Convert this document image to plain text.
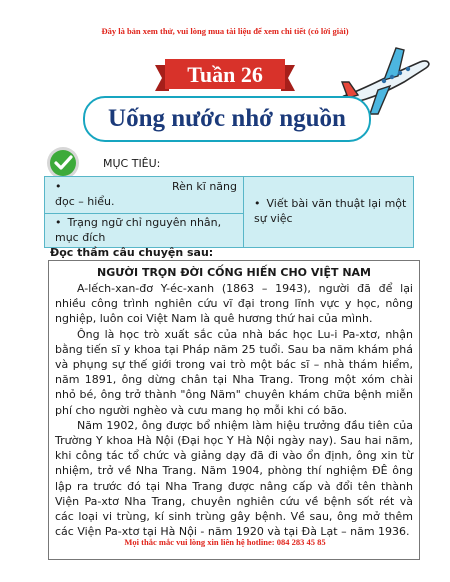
Đây là bản xem thử, vui lòng mua tài liệu để xem chi tiết (có lời giải)
Tuần 26
Uống nước nhớ nguồn
MỤC TIÊU:
•	Rèn kĩ năng
đọc – hiểu.
• Trạng ngữ chỉ nguyên nhân, mục đích
• Viết bài văn thuật lại một sự việc
Đọc thầm câu chuyện sau:
NGƯỜI TRỌN ĐỜI CỐNG HIẾN CHO VIỆT NAM

A-lếch-xan-đơ Y-éc-xanh (1863 – 1943), người đã để lại nhiều công trình nghiên cứu vĩ đại trong lĩnh vực y học, nông nghiệp, luôn coi Việt Nam là quê hương thứ hai của mình.

Ông là học trò xuất sắc của nhà bác học Lu-i Pa-xtơ, nhận bằng tiến sĩ y khoa tại Pháp năm 25 tuổi. Sau ba năm khám phá và phụng sự thế giới trong vai trò một bác sĩ – nhà thám hiểm, năm 1891, ông dừng chân tại Nha Trang. Trong một xóm chài nhỏ bé, ông trở thành "ông Năm" chuyên khám chữa bệnh miễn phí cho người nghèo và cưu mang họ mỗi khi có bão.

Năm 1902, ông được bổ nhiệm làm hiệu trưởng đầu tiên của Trường Y khoa Hà Nội (Đại học Y Hà Nội ngày nay). Sau hai năm, khi công tác tổ chức và giảng dạy đã đi vào ổn định, ông xin từ nhiệm, trở về Nha Trang. Năm 1904, phòng thí nghiệm ĐÊ ông lập ra trước đó tại Nha Trang được nâng cấp và đổi tên thành Viện Pa-xtơ Nha Trang, chuyên nghiên cứu về bệnh sốt rét và các loại vi trùng, kí sinh trùng gây bệnh. Về sau, ông mở thêm các Viện Pa-xtơ tại Hà Nội - năm 1920 và tại Đà Lạt – năm 1936.

Mọi thắc mắc vui lòng xin liên hệ hotline: 084 283 45 85
